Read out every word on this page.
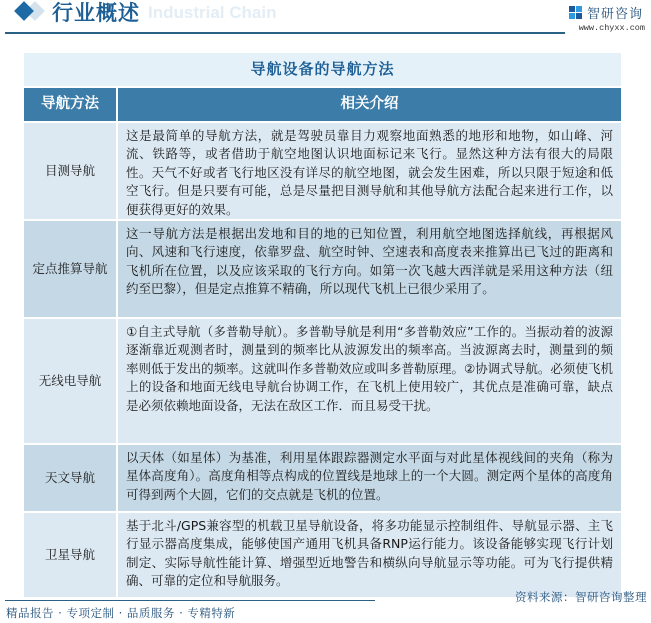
Industrial Chain
行业概述	智研咨询
www.chyxx.com
导航设备的导航方法
导航方法	相关介绍
目测导航
这是最简单的导航方法，就是驾驶员靠目力观察地面熟悉的地形和地物，如山峰、河流、铁路等，或者借助于航空地图认识地面标记来飞行。显然这种方法有很大的局限性。天气不好或者飞行地区没有详尽的航空地图，就会发生困难，所以只限于短途和低空飞行。但是只要有可能，总是尽量把目测导航和其他导航方法配合起来进行工作，以便获得更好的效果。
定点推算导航
这一导航方法是根据出发地和目的地的已知位置，利用航空地图选择航线，再根据风向、风速和飞行速度，依靠罗盘、航空时钟、空速表和高度表来推算出已飞过的距离和飞机所在位置，以及应该采取的飞行方向。如第一次飞越大西洋就是采用这种方法（纽约至巴黎），但是定点推算不精确，所以现代飞机上已很少采用了。
无线电导航
①自主式导航（多普勒导航）。多普勒导航是利用“多普勒效应”工作的。当振动着的波源逐渐靠近观测者时，测量到的频率比从波源发出的频率高。当波源离去时，测量到的频率则低于发出的频率。这就叫作多普勒效应或叫多普勒原理。②协调式导航。必须使飞机上的设备和地面无线电导航台协调工作，在飞机上使用较广，其优点是准确可靠，缺点是必须依赖地面设备，无法在敌区工作．而且易受干扰。
天文导航
以天体（如星体）为基准，利用星体跟踪器测定水平面与对此星体视线间的夹角（称为星体高度角）。高度角相等点构成的位置线是地球上的一个大圆。测定两个星体的高度角可得到两个大圆，它们的交点就是飞机的位置。
卫星导航
基于北斗/GPS兼容型的机载卫星导航设备，将多功能显示控制组件、导航显示器、主飞行显示器高度集成，能够使国产通用飞机具备RNP运行能力。该设备能够实现飞行计划制定、实际导航性能计算、增强型近地警告和横纵向导航显示等功能。可为飞行提供精确、可靠的定位和导航服务。
资料来源：智研咨询整理
精品报告 · 专项定制 · 品质服务 · 专精特新
